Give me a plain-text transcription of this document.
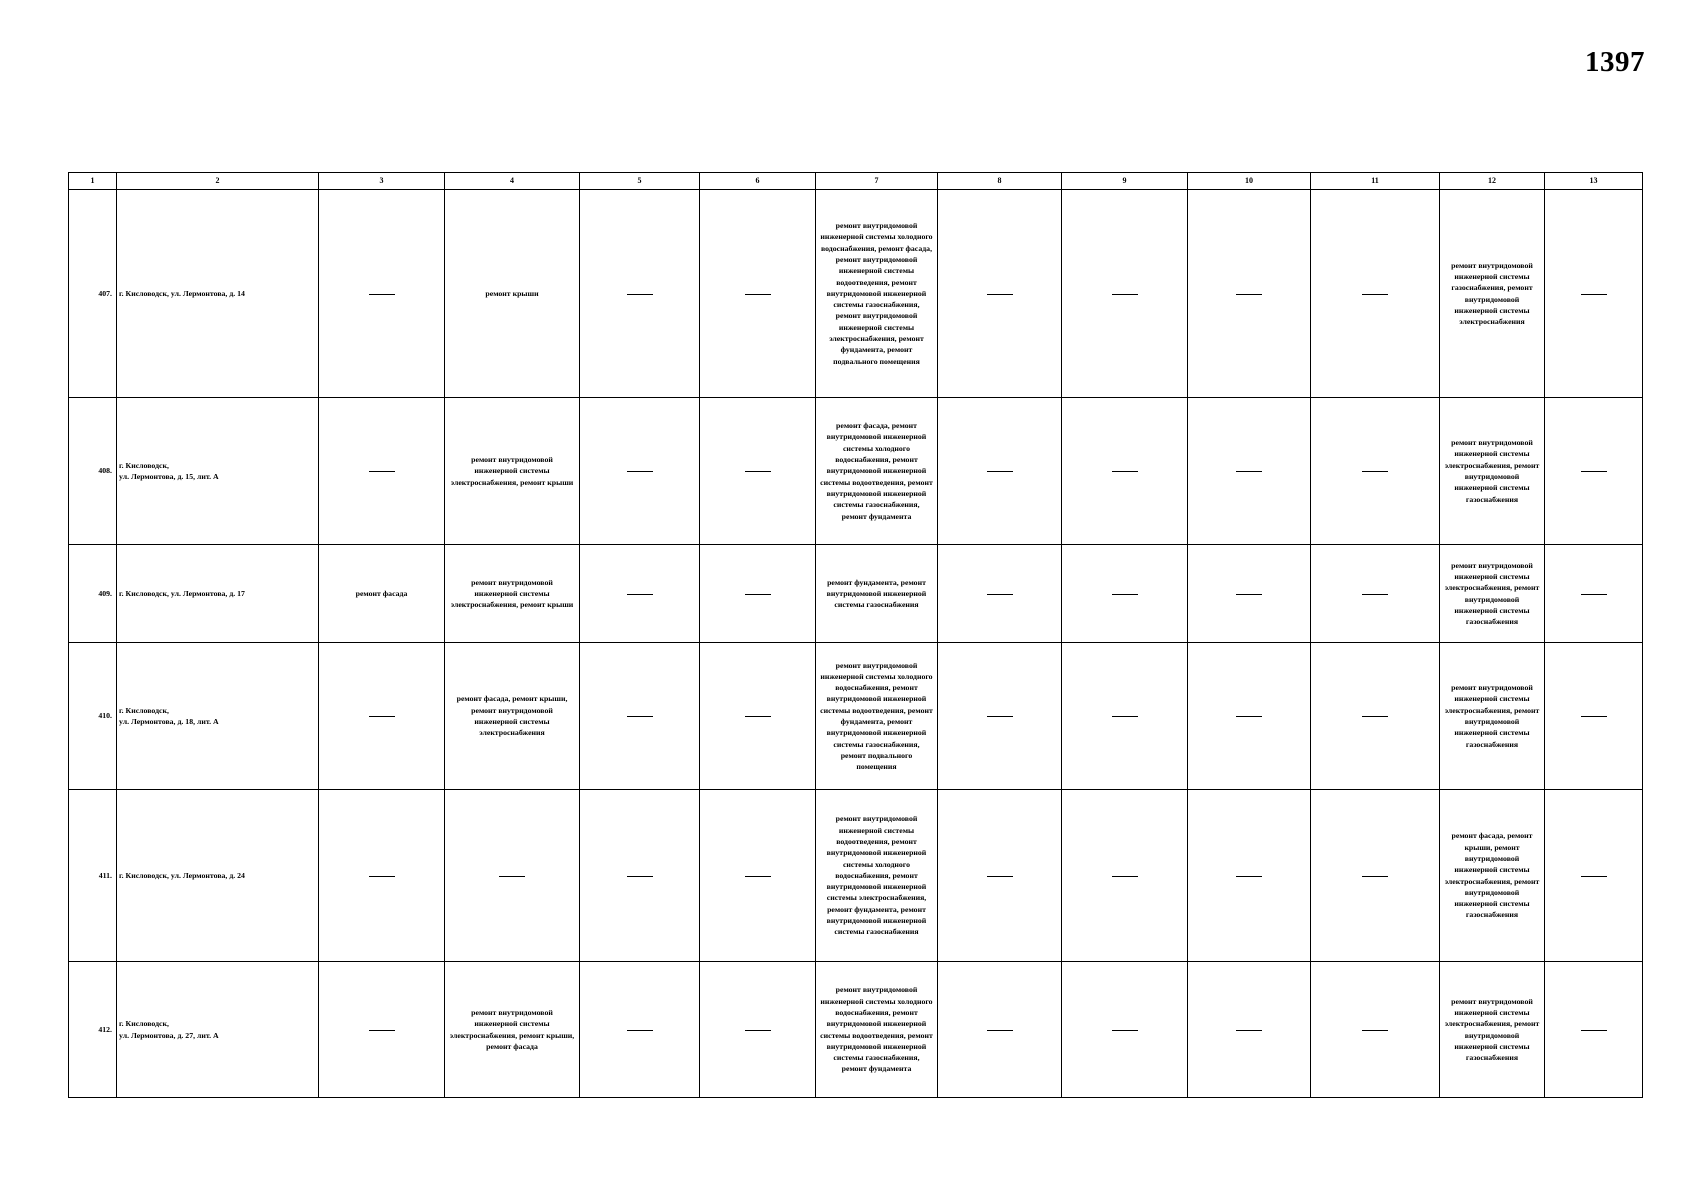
1397
1	2	3	4	5	6	7	8	9	10	11	12	13
407.	г. Кисловодск, ул. Лермонтова, д. 14		ремонт крыши			ремонт внутридомовой инженерной системы холодного водоснабжения, ремонт фасада, ремонт внутридомовой инженерной системы водоотведения, ремонт внутридомовой инженерной системы газоснабжения, ремонт внутридомовой инженерной системы электроснабжения, ремонт фундамента, ремонт подвального помещения					ремонт внутридомовой инженерной системы газоснабжения, ремонт внутридомовой инженерной системы электроснабжения	
408.	г. Кисловодск,
ул. Лермонтова, д. 15, лит. А		ремонт внутридомовой инженерной системы электроснабжения, ремонт крыши			ремонт фасада, ремонт внутридомовой инженерной системы холодного водоснабжения, ремонт внутридомовой инженерной системы водоотведения, ремонт внутридомовой инженерной системы газоснабжения, ремонт фундамента					ремонт внутридомовой инженерной системы электроснабжения, ремонт внутридомовой инженерной системы газоснабжения	
409.	г. Кисловодск, ул. Лермонтова, д. 17	ремонт фасада	ремонт внутридомовой инженерной системы электроснабжения, ремонт крыши			ремонт фундамента, ремонт внутридомовой инженерной системы газоснабжения					ремонт внутридомовой инженерной системы электроснабжения, ремонт внутридомовой инженерной системы газоснабжения	
410.	г. Кисловодск,
ул. Лермонтова, д. 18, лит. А		ремонт фасада, ремонт крыши, ремонт внутридомовой инженерной системы электроснабжения			ремонт внутридомовой инженерной системы холодного водоснабжения, ремонт внутридомовой инженерной системы водоотведения, ремонт фундамента, ремонт внутридомовой инженерной системы газоснабжения, ремонт подвального помещения					ремонт внутридомовой инженерной системы электроснабжения, ремонт внутридомовой инженерной системы газоснабжения	
411.	г. Кисловодск, ул. Лермонтова, д. 24					ремонт внутридомовой инженерной системы водоотведения, ремонт внутридомовой инженерной системы холодного водоснабжения, ремонт внутридомовой инженерной системы электроснабжения, ремонт фундамента, ремонт внутридомовой инженерной системы газоснабжения					ремонт фасада, ремонт крыши, ремонт внутридомовой инженерной системы электроснабжения, ремонт внутридомовой инженерной системы газоснабжения	
412.	г. Кисловодск,
ул. Лермонтова, д. 27, лит. А		ремонт внутридомовой инженерной системы электроснабжения, ремонт крыши, ремонт фасада			ремонт внутридомовой инженерной системы холодного водоснабжения, ремонт внутридомовой инженерной системы водоотведения, ремонт внутридомовой инженерной системы газоснабжения, ремонт фундамента					ремонт внутридомовой инженерной системы электроснабжения, ремонт внутридомовой инженерной системы газоснабжения	
